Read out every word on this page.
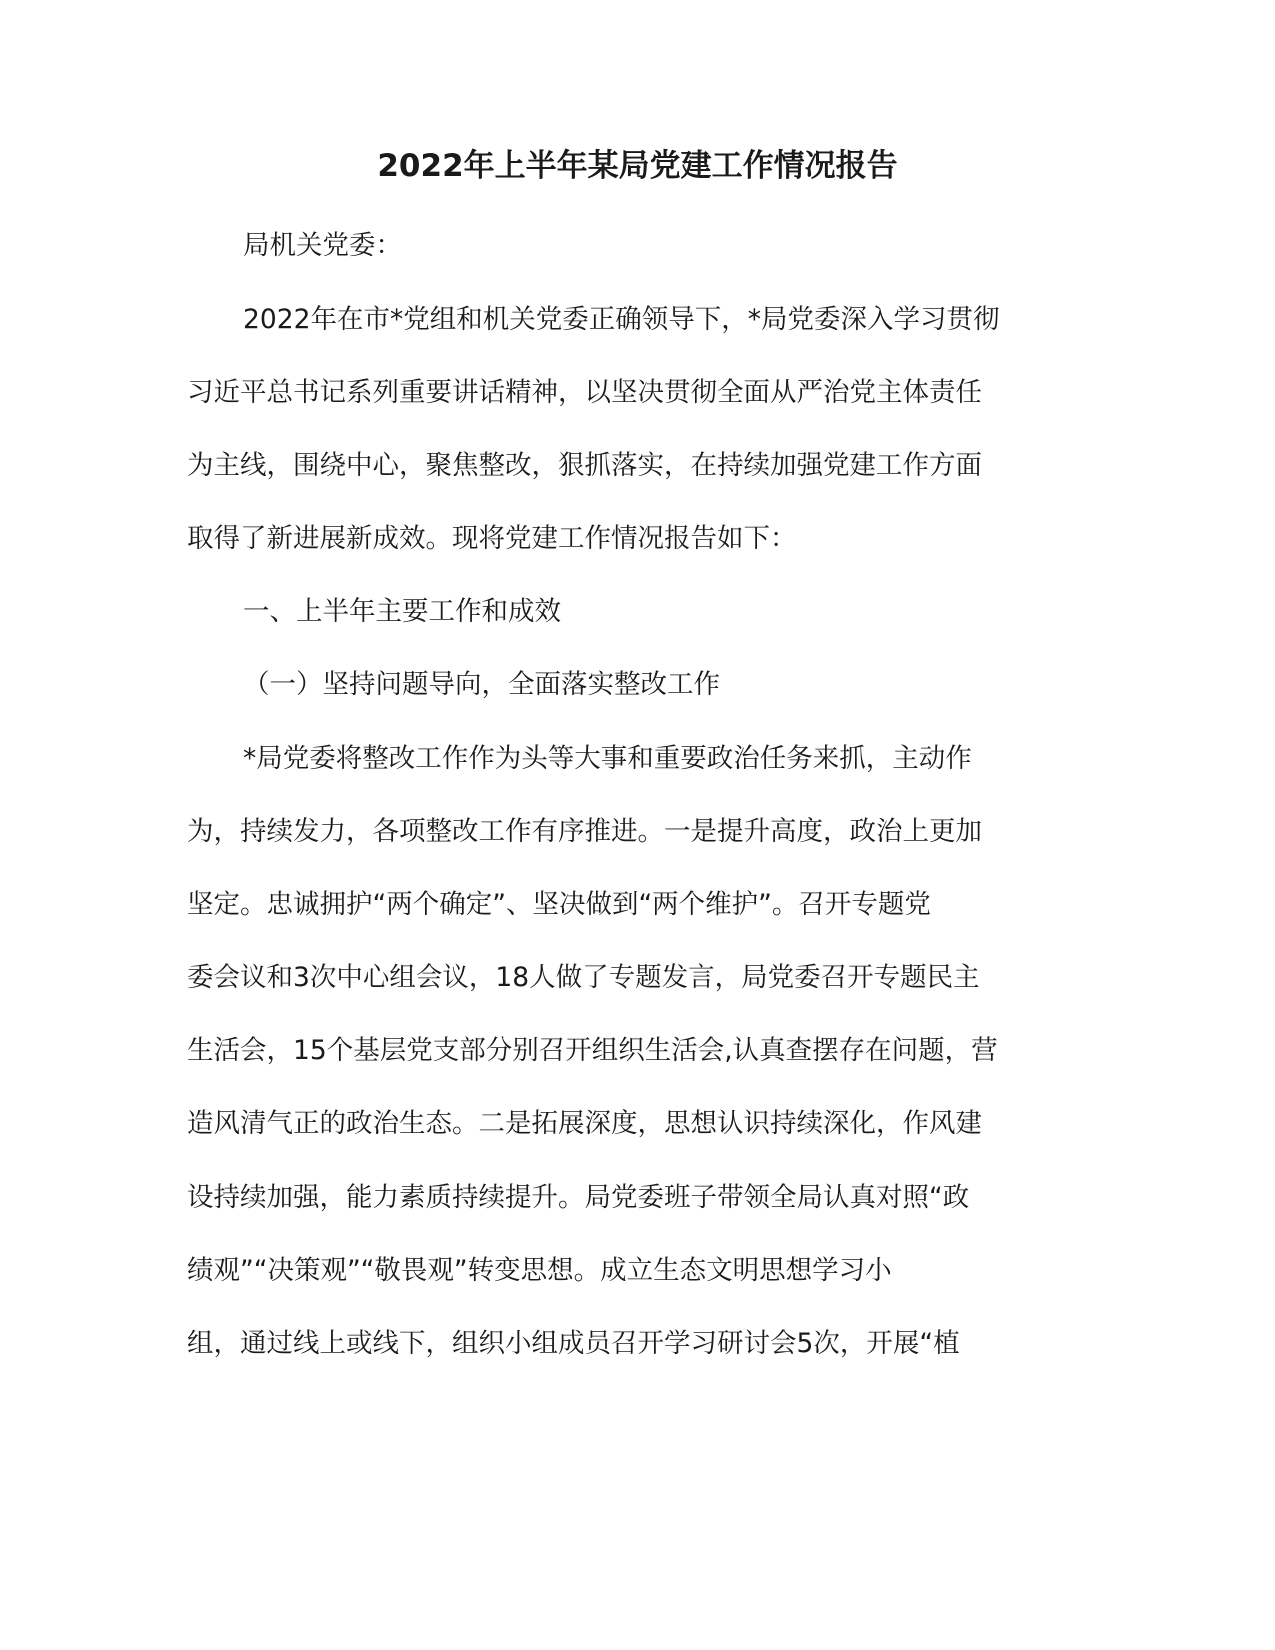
2022年上半年某局党建工作情况报告

局机关党委：

2022年在市*党组和机关党委正确领导下，*局党委深入学习贯彻

习近平总书记系列重要讲话精神，以坚决贯彻全面从严治党主体责任

为主线，围绕中心，聚焦整改，狠抓落实，在持续加强党建工作方面

取得了新进展新成效。现将党建工作情况报告如下：

一、上半年主要工作和成效

（一）坚持问题导向，全面落实整改工作

*局党委将整改工作作为头等大事和重要政治任务来抓，主动作

为，持续发力，各项整改工作有序推进。一是提升高度，政治上更加

坚定。忠诚拥护“两个确定”、坚决做到“两个维护”。召开专题党

委会议和3次中心组会议，18人做了专题发言，局党委召开专题民主

生活会，15个基层党支部分别召开组织生活会,认真查摆存在问题，营

造风清气正的政治生态。二是拓展深度，思想认识持续深化，作风建

设持续加强，能力素质持续提升。局党委班子带领全局认真对照“政

绩观”“决策观”“敬畏观”转变思想。成立生态文明思想学习小

组，通过线上或线下，组织小组成员召开学习研讨会5次，开展“植
